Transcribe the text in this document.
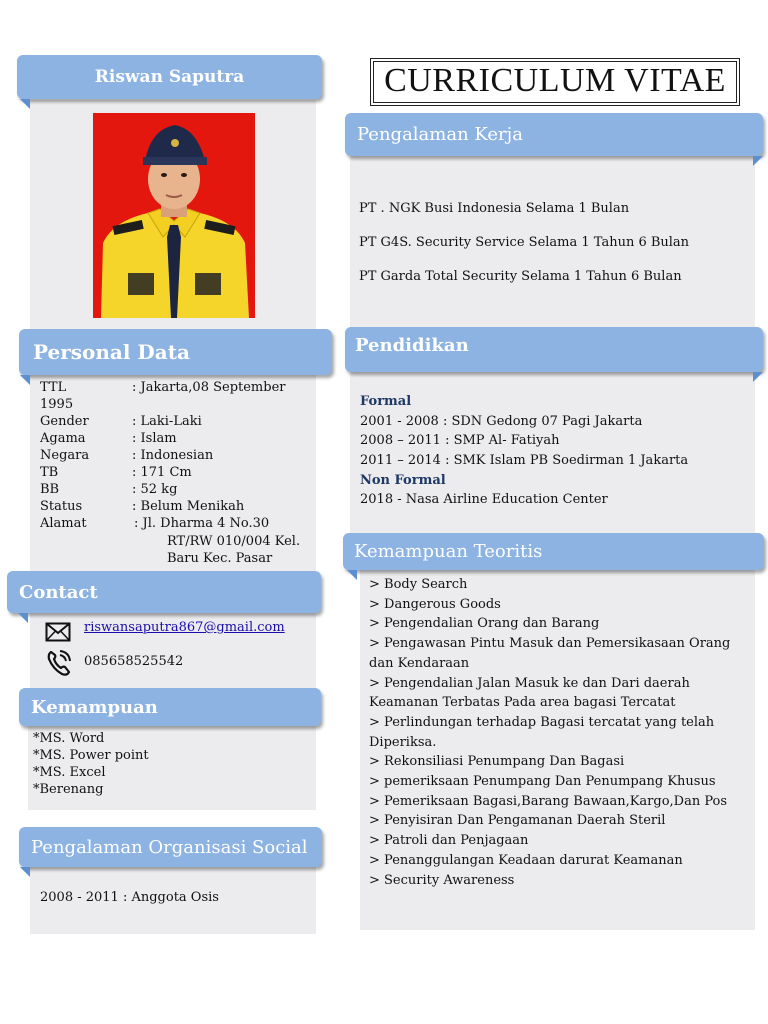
Riswan Saputra	CURRICULUM VITAE
Personal Data
TTL	: Jakarta,08 September
1995
Gender	: Laki-Laki
Agama	: Islam
Negara	: Indonesian
TB	: 171 Cm
BB	: 52 kg
Status	: Belum Menikah
Alamat	: Jl. Dharma 4 No.30
RT/RW 010/004 Kel.
Baru Kec. Pasar
Contact
riswansaputra867@gmail.com
085658525542
Kemampuan
*MS. Word
*MS. Power point
*MS. Excel
*Berenang
Pengalaman Organisasi Social
2008 - 2011 : Anggota Osis
Pengalaman Kerja
PT . NGK Busi Indonesia Selama 1 Bulan
PT G4S. Security Service Selama 1 Tahun 6 Bulan
PT Garda Total Security Selama 1 Tahun 6 Bulan
Pendidikan
Formal
2001 - 2008 : SDN Gedong 07 Pagi Jakarta
2008 – 2011 : SMP Al- Fatiyah
2011 – 2014 : SMK Islam PB Soedirman 1 Jakarta
Non Formal
2018 - Nasa Airline Education Center
Kemampuan Teoritis
> Body Search
> Dangerous Goods
> Pengendalian Orang dan Barang
> Pengawasan Pintu Masuk dan Pemersikasaan Orang
dan Kendaraan
> Pengendalian Jalan Masuk ke dan Dari daerah
Keamanan Terbatas Pada area bagasi Tercatat
> Perlindungan terhadap Bagasi tercatat yang telah
Diperiksa.
> Rekonsiliasi Penumpang Dan Bagasi
> pemeriksaan Penumpang Dan Penumpang Khusus
> Pemeriksaan Bagasi,Barang Bawaan,Kargo,Dan Pos
> Penyisiran Dan Pengamanan Daerah Steril
> Patroli dan Penjagaan
> Penanggulangan Keadaan darurat Keamanan
> Security Awareness
